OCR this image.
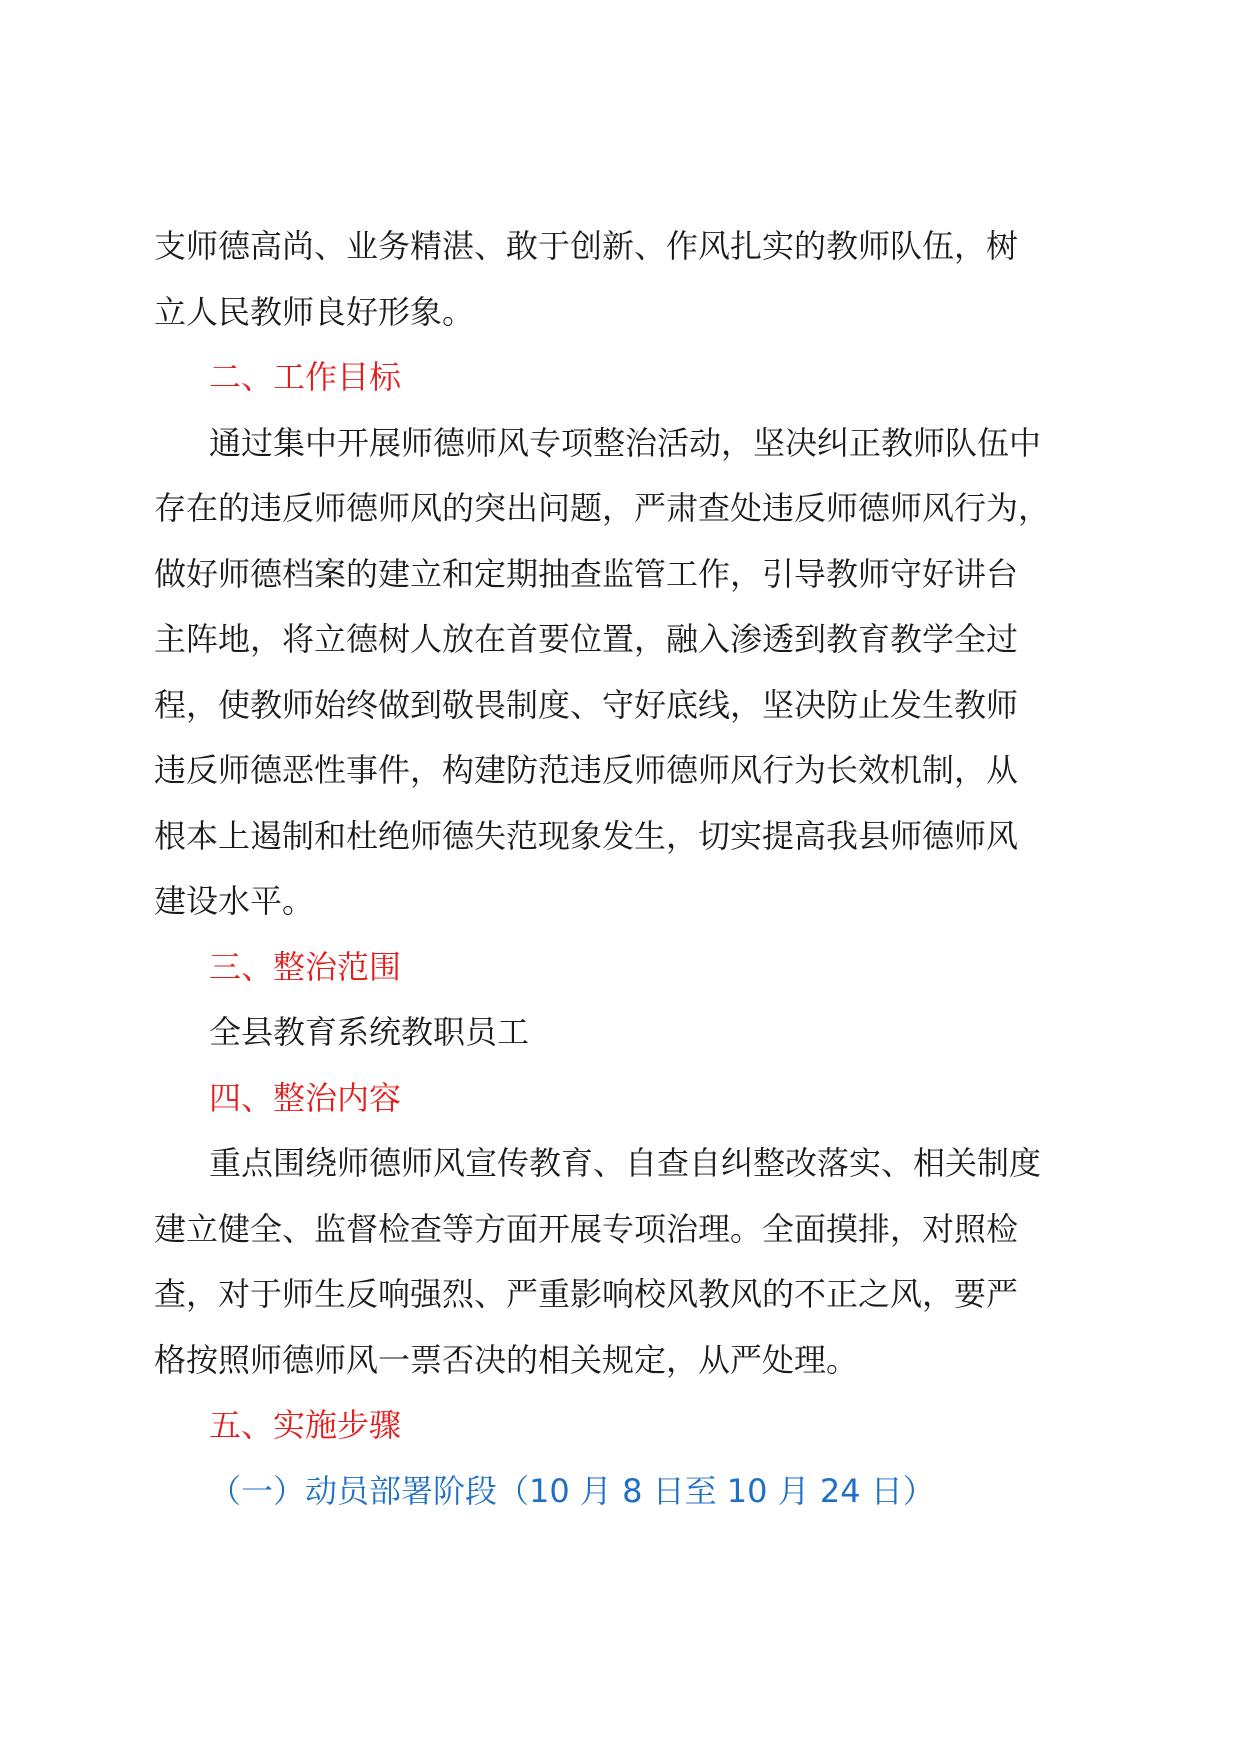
支师德高尚、业务精湛、敢于创新、作风扎实的教师队伍，树
立人民教师良好形象。
二、工作目标
通过集中开展师德师风专项整治活动，坚决纠正教师队伍中
存在的违反师德师风的突出问题，严肃查处违反师德师风行为，
做好师德档案的建立和定期抽查监管工作，引导教师守好讲台
主阵地，将立德树人放在首要位置，融入渗透到教育教学全过
程，使教师始终做到敬畏制度、守好底线，坚决防止发生教师
违反师德恶性事件，构建防范违反师德师风行为长效机制，从
根本上遏制和杜绝师德失范现象发生，切实提高我县师德师风
建设水平。
三、整治范围
全县教育系统教职员工
四、整治内容
重点围绕师德师风宣传教育、自查自纠整改落实、相关制度
建立健全、监督检查等方面开展专项治理。全面摸排，对照检
查，对于师生反响强烈、严重影响校风教风的不正之风，要严
格按照师德师风一票否决的相关规定，从严处理。
五、实施步骤
（一）动员部署阶段（10 月 8 日至 10 月 24 日）
